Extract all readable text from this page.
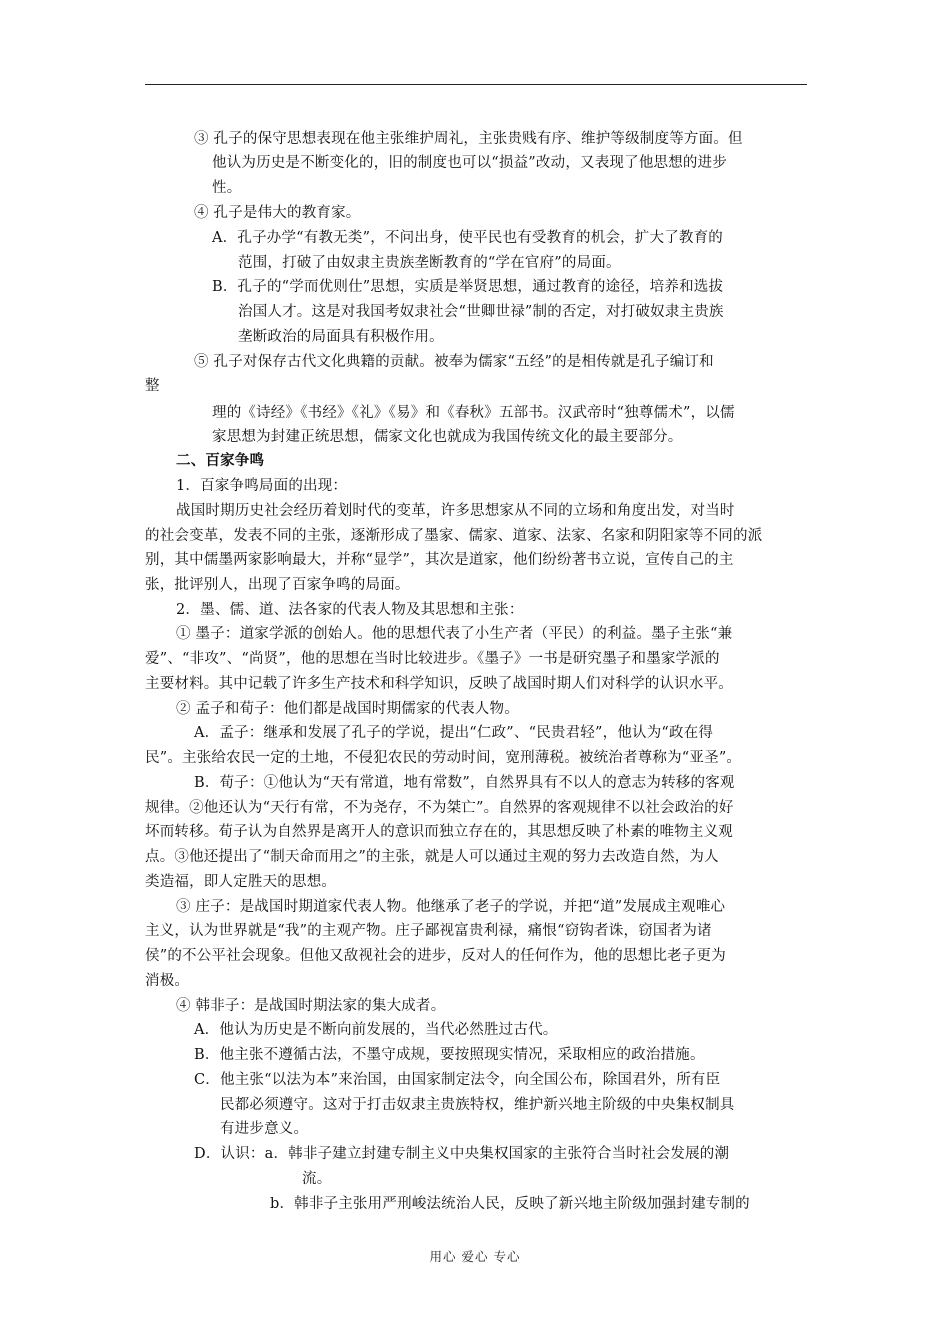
③ 孔子的保守思想表现在他主张维护周礼，主张贵贱有序、维护等级制度等方面。但
他认为历史是不断变化的，旧的制度也可以“损益”改动，又表现了他思想的进步
性。
④ 孔子是伟大的教育家。
A．孔子办学“有教无类”，不问出身，使平民也有受教育的机会，扩大了教育的
范围，打破了由奴隶主贵族垄断教育的“学在官府”的局面。
B．孔子的“学而优则仕”思想，实质是举贤思想，通过教育的途径，培养和选拔
治国人才。这是对我国考奴隶社会“世卿世禄”制的否定，对打破奴隶主贵族
垄断政治的局面具有积极作用。
⑤ 孔子对保存古代文化典籍的贡献。被奉为儒家“五经”的是相传就是孔子编订和
整
理的《诗经》《书经》《礼》《易》和《春秋》五部书。汉武帝时“独尊儒术”，以儒
家思想为封建正统思想，儒家文化也就成为我国传统文化的最主要部分。
二、百家争鸣
1．百家争鸣局面的出现：
战国时期历史社会经历着划时代的变革，许多思想家从不同的立场和角度出发，对当时
的社会变革，发表不同的主张，逐渐形成了墨家、儒家、道家、法家、名家和阴阳家等不同的派
别，其中儒墨两家影响最大，并称“显学”，其次是道家，他们纷纷著书立说，宣传自己的主
张，批评别人，出现了百家争鸣的局面。
2．墨、儒、道、法各家的代表人物及其思想和主张：
① 墨子：道家学派的创始人。他的思想代表了小生产者（平民）的利益。墨子主张“兼
爱”、“非攻”、“尚贤”，他的思想在当时比较进步。《墨子》一书是研究墨子和墨家学派的
主要材料。其中记载了许多生产技术和科学知识，反映了战国时期人们对科学的认识水平。
② 孟子和荀子：他们都是战国时期儒家的代表人物。
A．孟子：继承和发展了孔子的学说，提出“仁政”、“民贵君轻”，他认为“政在得
民”。主张给农民一定的土地，不侵犯农民的劳动时间，宽刑薄税。被统治者尊称为“亚圣”。
B．荀子：①他认为“天有常道，地有常数”，自然界具有不以人的意志为转移的客观
规律。②他还认为“天行有常，不为尧存，不为桀亡”。自然界的客观规律不以社会政治的好
坏而转移。荀子认为自然界是离开人的意识而独立存在的，其思想反映了朴素的唯物主义观
点。③他还提出了“制天命而用之”的主张，就是人可以通过主观的努力去改造自然，为人
类造福，即人定胜天的思想。
③ 庄子：是战国时期道家代表人物。他继承了老子的学说，并把“道”发展成主观唯心
主义，认为世界就是“我”的主观产物。庄子鄙视富贵利禄，痛恨“窃钩者诛，窃国者为诸
侯”的不公平社会现象。但他又敌视社会的进步，反对人的任何作为，他的思想比老子更为
消极。
④ 韩非子：是战国时期法家的集大成者。
A．他认为历史是不断向前发展的，当代必然胜过古代。
B．他主张不遵循古法，不墨守成规，要按照现实情况，采取相应的政治措施。
C．他主张“以法为本”来治国，由国家制定法令，向全国公布，除国君外，所有臣
民都必须遵守。这对于打击奴隶主贵族特权，维护新兴地主阶级的中央集权制具
有进步意义。
D．认识：a．韩非子建立封建专制主义中央集权国家的主张符合当时社会发展的潮
流。
b．韩非子主张用严刑峻法统治人民，反映了新兴地主阶级加强封建专制的
用心 爱心 专心
